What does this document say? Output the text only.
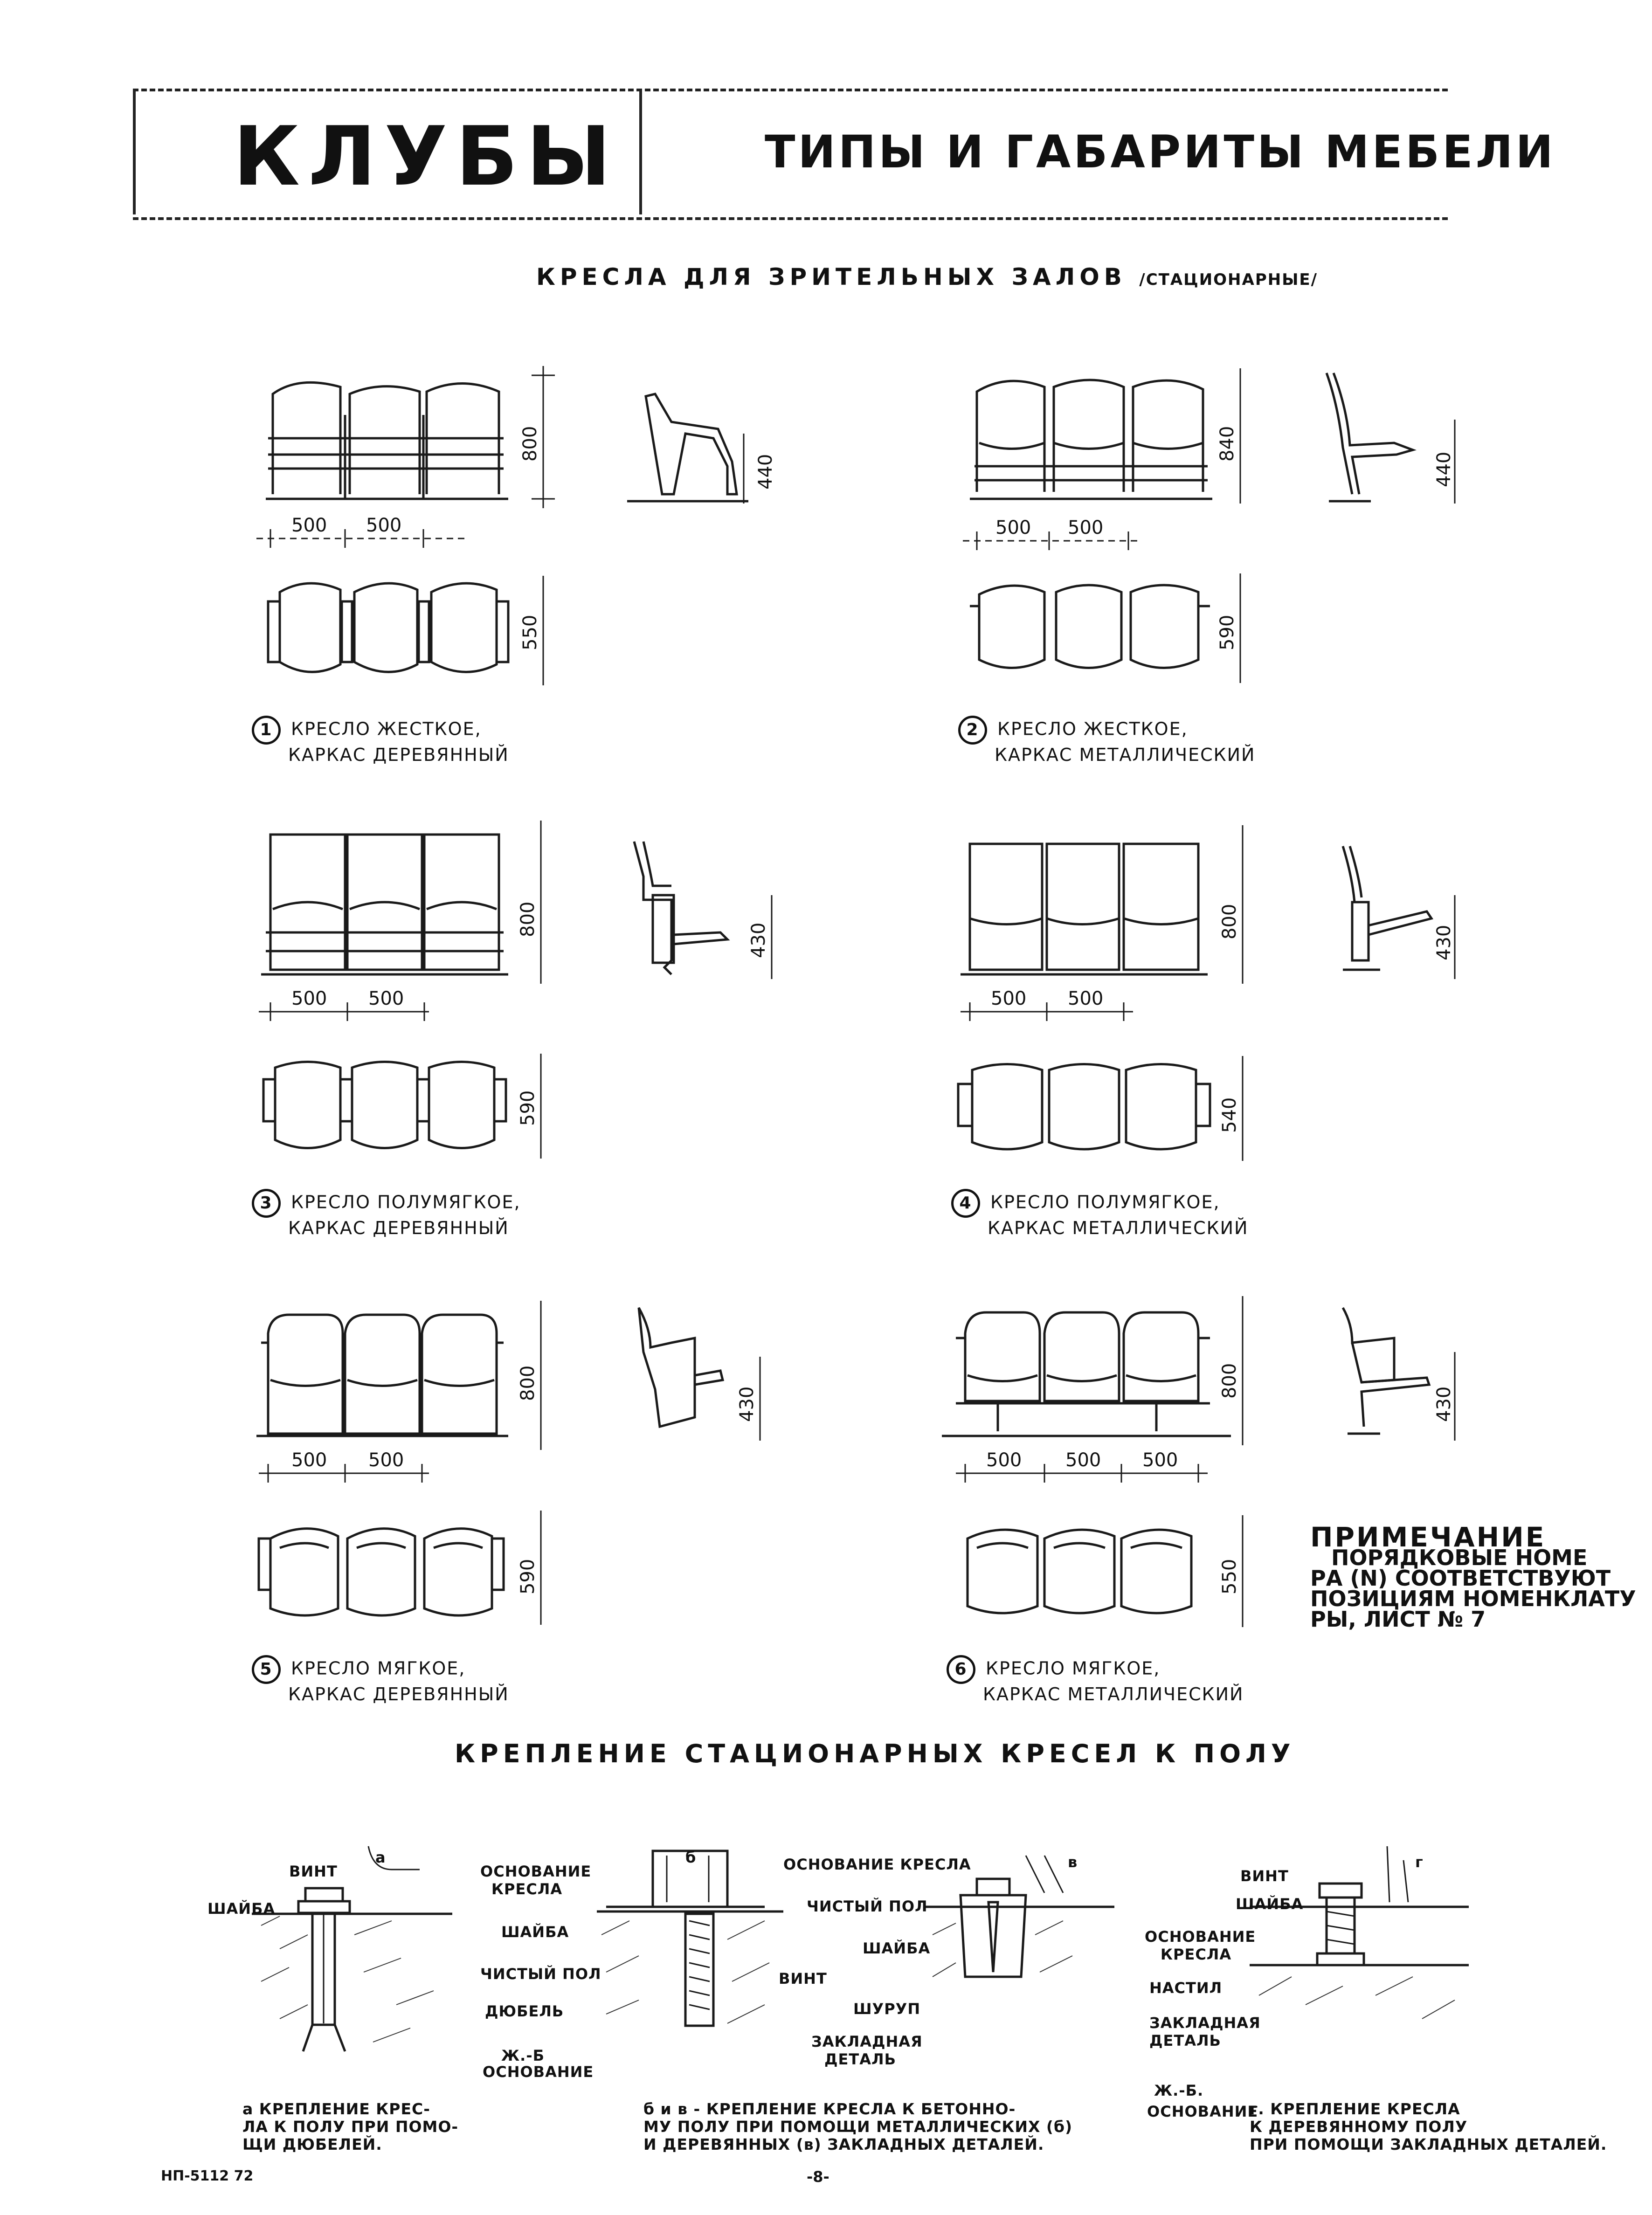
КЛУБЫ	ТИПЫ И ГАБАРИТЫ МЕБЕЛИ
КРЕСЛА ДЛЯ ЗРИТЕЛЬНЫХ ЗАЛОВ /СТАЦИОНАРНЫЕ/
800
500 500
440
550
840
500 500
440
590
800
500 500
430
590
800
500 500
430
540
800
500 500
430
590
800
500 500 500
430
550
1 КРЕСЛО ЖЕСТКОЕ,
КАРКАС ДЕРЕВЯННЫЙ
2 КРЕСЛО ЖЕСТКОЕ,
КАРКАС МЕТАЛЛИЧЕСКИЙ
3 КРЕСЛО ПОЛУМЯГКОЕ,
КАРКАС ДЕРЕВЯННЫЙ
4 КРЕСЛО ПОЛУМЯГКОЕ,
КАРКАС МЕТАЛЛИЧЕСКИЙ
5 КРЕСЛО МЯГКОЕ,
КАРКАС ДЕРЕВЯННЫЙ
6 КРЕСЛО МЯГКОЕ,
КАРКАС МЕТАЛЛИЧЕСКИЙ
ПРИМЕЧАНИЕ
ПОРЯДКОВЫЕ НОМЕ
РА (N) СООТВЕТСТВУЮТ
ПОЗИЦИЯМ НОМЕНКЛАТУ
РЫ, ЛИСТ № 7
КРЕПЛЕНИЕ СТАЦИОНАРНЫХ КРЕСЕЛ К ПОЛУ
а
ВИНТ
ШАЙБА
ОСНОВАНИЕ КРЕСЛА
ШАЙБА
ЧИСТЫЙ ПОЛ
ДЮБЕЛЬ
Ж.-Б
ОСНОВАНИЕ
б	ОСНОВАНИЕ КРЕСЛА
ЧИСТЫЙ ПОЛ
ШАЙБА
ВИНТ
ШУРУП
ЗАКЛАДНАЯ ДЕТАЛЬ
в	г
ВИНТ
ШАЙБА
ОСНОВАНИЕ КРЕСЛА
НАСТИЛ
ЗАКЛАДНАЯ ДЕТАЛЬ
Ж.-Б.
ОСНОВАНИЕ
а КРЕПЛЕНИЕ КРЕС-
ЛА К ПОЛУ ПРИ ПОМО-
ЩИ ДЮБЕЛЕЙ.
б и в - КРЕПЛЕНИЕ КРЕСЛА К БЕТОННО-
МУ ПОЛУ ПРИ ПОМОЩИ МЕТАЛЛИЧЕСКИХ (б)
И ДЕРЕВЯННЫХ (в) ЗАКЛАДНЫХ ДЕТАЛЕЙ.
г. КРЕПЛЕНИЕ КРЕСЛА
К ДЕРЕВЯННОМУ ПОЛУ
ПРИ ПОМОЩИ ЗАКЛАДНЫХ ДЕТАЛЕЙ.
НП-5112 72	-8-
